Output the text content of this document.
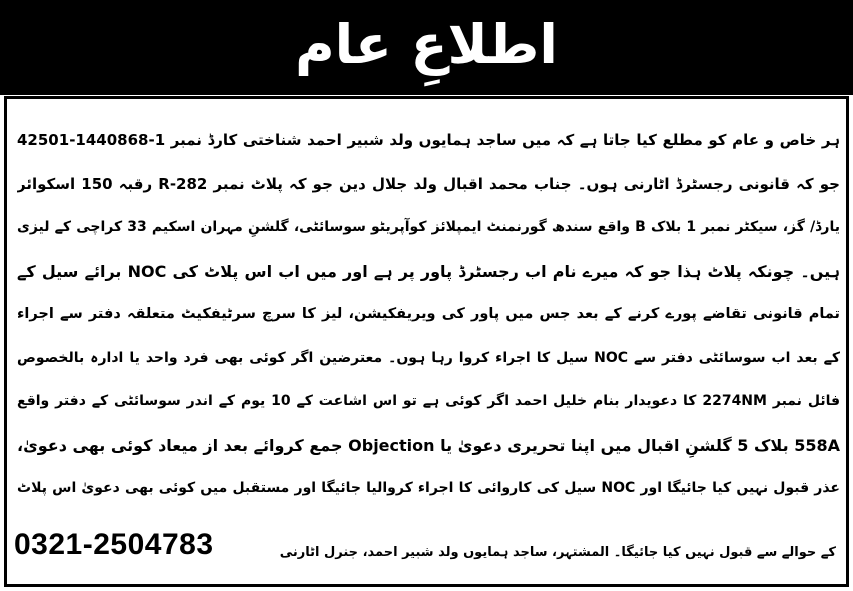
اطلاعِ عام
ہر خاص و عام کو مطلع کیا جاتا ہے کہ میں ساجد ہمایوں ولد شبیر احمد شناختی کارڈ نمبر 1-1440868-42501
جو کہ قانونی رجسٹرڈ اٹارنی ہوں۔ جناب محمد اقبال ولد جلال دین جو کہ پلاٹ نمبر R-282 رقبہ 150 اسکوائر
یارڈ/ گز، سیکٹر نمبر 1 بلاک B واقع سندھ گورنمنٹ ایمپلائز کوآپریٹو سوسائٹی، گلشنِ مہران اسکیم 33 کراچی کے لیزی
ہیں۔ چونکہ پلاٹ ہذا جو کہ میرے نام اب رجسٹرڈ پاور پر ہے اور میں اب اس پلاٹ کی NOC برائے سیل کے
تمام قانونی تقاضے پورے کرنے کے بعد جس میں پاور کی ویریفکیشن، لیز کا سرچ سرٹیفکیٹ متعلقہ دفتر سے اجراء
کے بعد اب سوسائٹی دفتر سے NOC سیل کا اجراء کروا رہا ہوں۔ معترضین اگر کوئی بھی فرد واحد یا ادارہ بالخصوص
فائل نمبر 2274NM کا دعویدار بنام خلیل احمد اگر کوئی ہے تو اس اشاعت کے 10 یوم کے اندر سوسائٹی کے دفتر واقع
558A بلاک 5 گلشنِ اقبال میں اپنا تحریری دعویٰ یا Objection جمع کروائے بعد از میعاد کوئی بھی دعویٰ،
عذر قبول نہیں کیا جائیگا اور NOC سیل کی کاروائی کا اجراء کروالیا جائیگا اور مستقبل میں کوئی بھی دعویٰ اس پلاٹ
کے حوالے سے قبول نہیں کیا جائیگا۔ المشتہر، ساجد ہمایوں ولد شبیر احمد، جنرل اٹارنی
0321-2504783
